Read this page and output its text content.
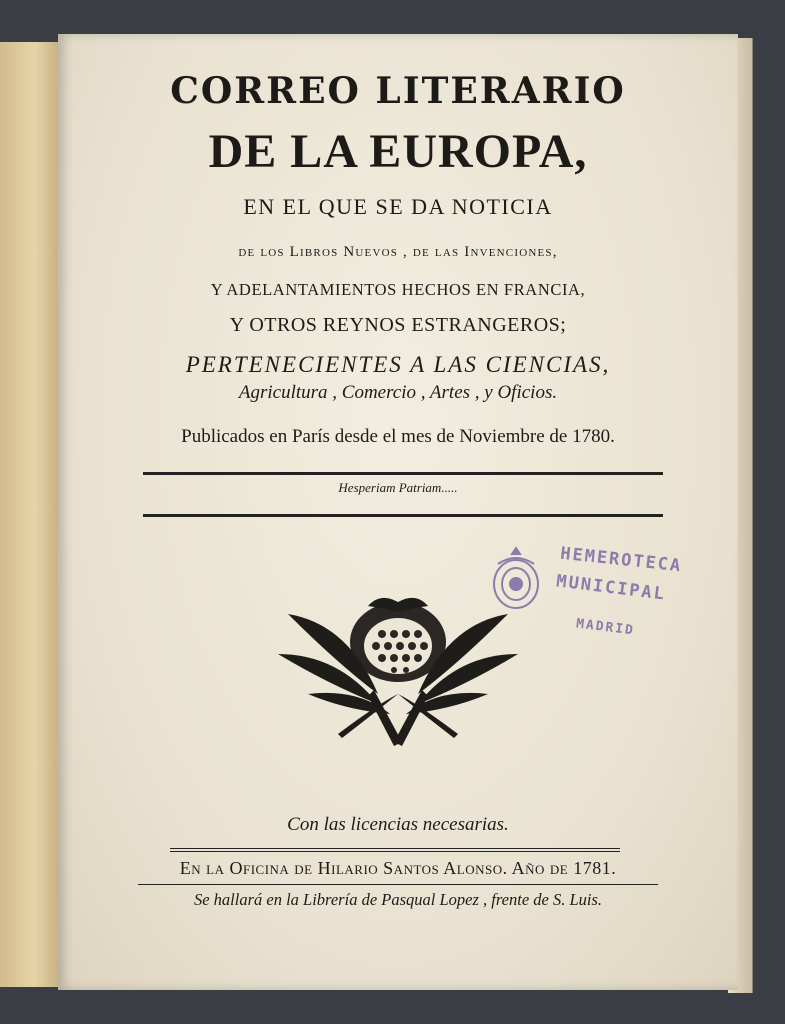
CORREO LITERARIO
DE LA EUROPA,
EN EL QUE SE DA NOTICIA
de los Libros Nuevos , de las Invenciones,
Y ADELANTAMIENTOS HECHOS EN FRANCIA,
Y OTROS REYNOS ESTRANGEROS;
PERTENECIENTES A LAS CIENCIAS,
Agricultura , Comercio , Artes , y Oficios.
Publicados en París desde el mes de Noviembre de 1780.
Hesperiam Patriam.....
HEMEROTECA
MUNICIPAL
MADRID
Con las licencias necesarias.
En la Oficina de Hilario Santos Alonso. Año de 1781.
Se hallará en la Librería de Pasqual Lopez , frente de S. Luis.
